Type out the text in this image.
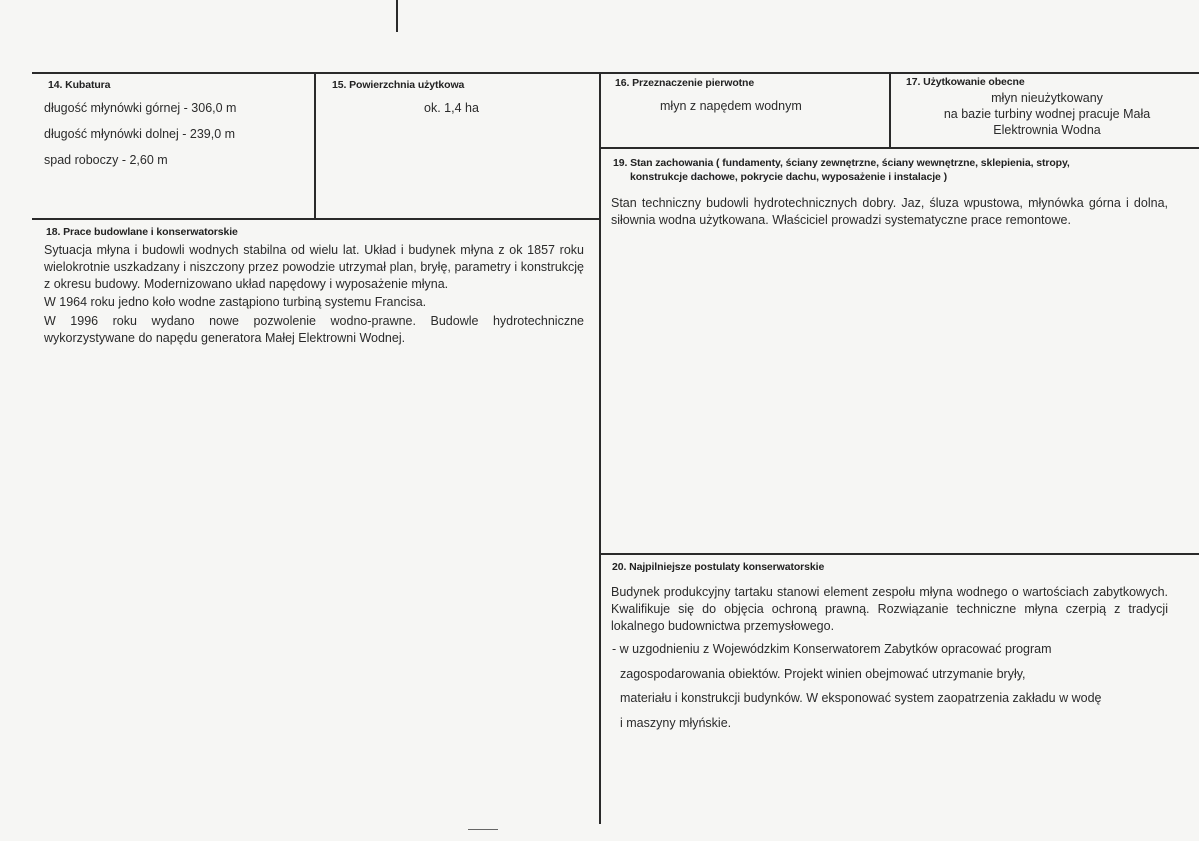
14. Kubatura
długość młynówki górnej - 306,0 m
długość młynówki dolnej - 239,0 m
spad roboczy - 2,60 m
15. Powierzchnia użytkowa
ok. 1,4 ha
16. Przeznaczenie pierwotne
młyn z napędem wodnym
17. Użytkowanie obecne
młyn nieużytkowany
na bazie turbiny wodnej pracuje Mała
Elektrownia Wodna
18. Prace budowlane i konserwatorskie

Sytuacja młyna i budowli wodnych stabilna od wielu lat. Układ i budynek młyna z ok 1857 roku wielokrotnie uszkadzany i niszczony przez powodzie utrzymał plan, bryłę, parametry i konstrukcję z okresu budowy. Modernizowano układ napędowy i wyposażenie młyna.

W 1964 roku jedno koło wodne zastąpiono turbiną systemu Francisa.

W 1996 roku wydano nowe pozwolenie wodno-prawne. Budowle hydrotechniczne wykorzystywane do napędu generatora Małej Elektrowni Wodnej.

19. Stan zachowania ( fundamenty, ściany zewnętrzne, ściany wewnętrzne, sklepienia, stropy,
konstrukcje dachowe, pokrycie dachu, wyposażenie i instalacje )
Stan techniczny budowli hydrotechnicznych dobry. Jaz, śluza wpustowa, młynówka górna i dolna, siłownia wodna użytkowana. Właściciel prowadzi systematyczne prace remontowe.
20. Najpilniejsze postulaty konserwatorskie
Budynek produkcyjny tartaku stanowi element zespołu młyna wodnego o wartościach zabytkowych. Kwalifikuje się do objęcia ochroną prawną. Rozwiązanie techniczne młyna czerpią z tradycji lokalnego budownictwa przemysłowego.
- w uzgodnieniu z Wojewódzkim Konserwatorem Zabytków opracować program
zagospodarowania obiektów. Projekt winien obejmować utrzymanie bryły,
materiału i konstrukcji budynków. W eksponować system zaopatrzenia zakładu w wodę
i maszyny młyńskie.
